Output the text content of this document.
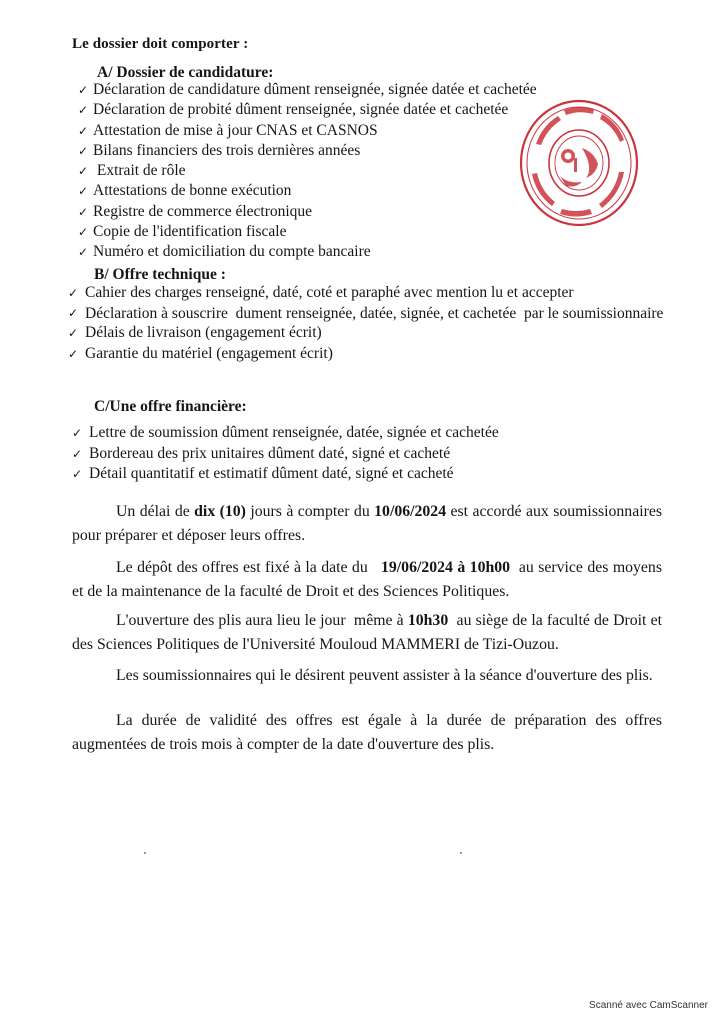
Le dossier doit comporter :
A/ Dossier de candidature:
✓ Déclaration de candidature dûment renseignée, signée datée et cachetée
✓ Déclaration de probité dûment renseignée, signée datée et cachetée
✓ Attestation de mise à jour CNAS et CASNOS
✓ Bilans financiers des trois dernières années
✓ Extrait de rôle
✓ Attestations de bonne exécution
✓ Registre de commerce électronique
✓ Copie de l'identification fiscale
✓ Numéro et domiciliation du compte bancaire
B/ Offre technique :
✓ Cahier des charges renseigné, daté, coté et paraphé avec mention lu et accepter
✓ Déclaration à souscrire  dument renseignée, datée, signée, et cachetée  par le soumissionnaire
✓ Délais de livraison (engagement écrit)
✓ Garantie du matériel (engagement écrit)
C/Une offre financière:
✓ Lettre de soumission dûment renseignée, datée, signée et cachetée
✓ Bordereau des prix unitaires dûment daté, signé et cacheté
✓ Détail quantitatif et estimatif dûment daté, signé et cacheté

Un délai de dix (10) jours à compter du 10/06/2024 est accordé aux soumissionnaires pour préparer et déposer leurs offres.

Le dépôt des offres est fixé à la date du   19/06/2024 à 10h00  au service des moyens et de la maintenance de la faculté de Droit et des Sciences Politiques.

L'ouverture des plis aura lieu le jour  même à 10h30  au siège de la faculté de Droit et des Sciences Politiques de l'Université Mouloud MAMMERI de Tizi-Ouzou.

Les soumissionnaires qui le désirent peuvent assister à la séance d'ouverture des plis.

La durée de validité des offres est égale à la durée de préparation des offres augmentées de trois mois à compter de la date d'ouverture des plis.

Scanné avec CamScanner
